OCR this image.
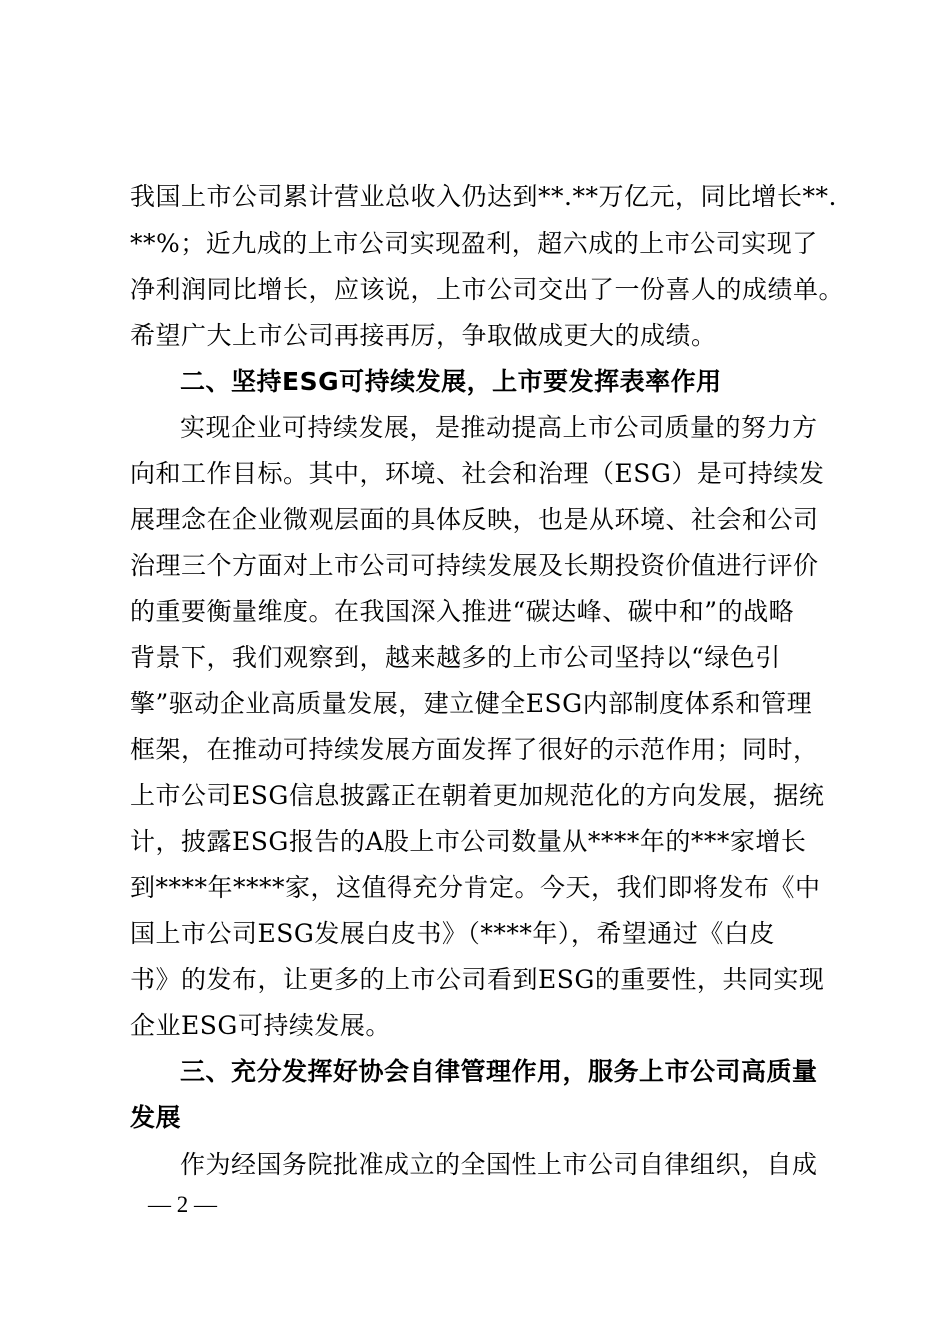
我国上市公司累计营业总收入仍达到**.**万亿元，同比增长**.
**%；近九成的上市公司实现盈利，超六成的上市公司实现了
净利润同比增长，应该说，上市公司交出了一份喜人的成绩单。
希望广大上市公司再接再厉，争取做成更大的成绩。
二、坚持ESG可持续发展，上市要发挥表率作用
实现企业可持续发展，是推动提高上市公司质量的努力方
向和工作目标。其中，环境、社会和治理（ESG）是可持续发
展理念在企业微观层面的具体反映，也是从环境、社会和公司
治理三个方面对上市公司可持续发展及长期投资价值进行评价
的重要衡量维度。在我国深入推进“碳达峰、碳中和”的战略
背景下，我们观察到，越来越多的上市公司坚持以“绿色引
擎”驱动企业高质量发展，建立健全ESG内部制度体系和管理
框架，在推动可持续发展方面发挥了很好的示范作用；同时，
上市公司ESG信息披露正在朝着更加规范化的方向发展，据统
计，披露ESG报告的A股上市公司数量从****年的***家增长
到****年****家，这值得充分肯定。今天，我们即将发布《中
国上市公司ESG发展白皮书》（****年），希望通过《白皮
书》的发布，让更多的上市公司看到ESG的重要性，共同实现
企业ESG可持续发展。
三、充分发挥好协会自律管理作用，服务上市公司高质量
发展
作为经国务院批准成立的全国性上市公司自律组织，自成
— 2 —
